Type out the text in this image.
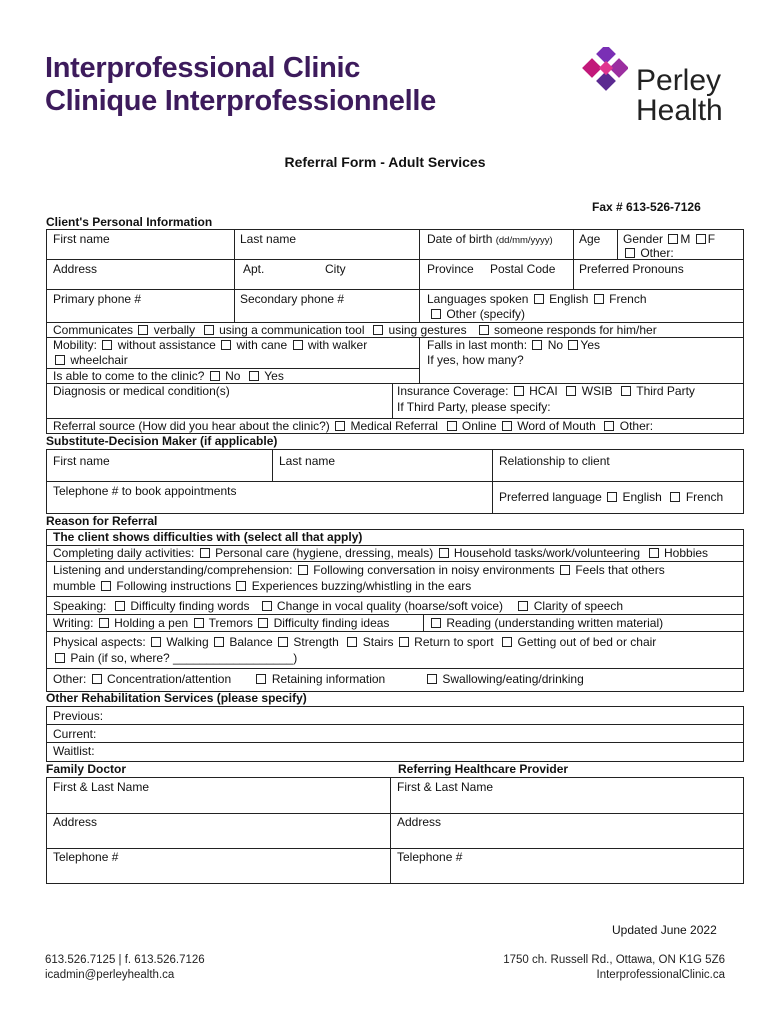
Interprofessional Clinic
Clinique Interprofessionnelle
Perley
Health
Referral Form - Adult Services
Fax # 613-526-7126
Client's Personal Information
First name	Last name	Date of birth (dd/mm/yyyy) Age Gender M F
Other:
Address	Apt.	City	Province Postal Code Preferred Pronouns
Primary phone #	Secondary phone #	Languages spoken English French
Other (specify)
Communicates verbally using a communication tool using gestures someone responds for him/her
Mobility: without assistance with cane with walker
wheelchair
Falls in last month: No Yes
If yes, how many?
Is able to come to the clinic? No Yes
Diagnosis or medical condition(s)	Insurance Coverage: HCAI WSIB Third Party
If Third Party, please specify:
Referral source (How did you hear about the clinic?) Medical Referral Online Word of Mouth Other:
Substitute-Decision Maker (if applicable)
First name	Last name	Relationship to client
Telephone # to book appointments	Preferred language English French
Reason for Referral
The client shows difficulties with (select all that apply)
Completing daily activities: Personal care (hygiene, dressing, meals) Household tasks/work/volunteering Hobbies
Listening and understanding/comprehension: Following conversation in noisy environments Feels that others
mumble Following instructions Experiences buzzing/whistling in the ears
Speaking: Difficulty finding words Change in vocal quality (hoarse/soft voice)	Clarity of speech
Writing: Holding a pen Tremors Difficulty finding ideas	Reading (understanding written material)
Physical aspects: Walking Balance Strength Stairs Return to sport Getting out of bed or chair
Pain (if so, where? __________________)
Other: Concentration/attention	Retaining information	Swallowing/eating/drinking
Other Rehabilitation Services (please specify)
Previous:
Current:
Waitlist:
Family Doctor	Referring Healthcare Provider
First & Last Name	First & Last Name
Address	Address
Telephone #	Telephone #
Updated June 2022
613.526.7125 | f. 613.526.7126
icadmin@perleyhealth.ca
1750 ch. Russell Rd., Ottawa, ON K1G 5Z6
InterprofessionalClinic.ca
